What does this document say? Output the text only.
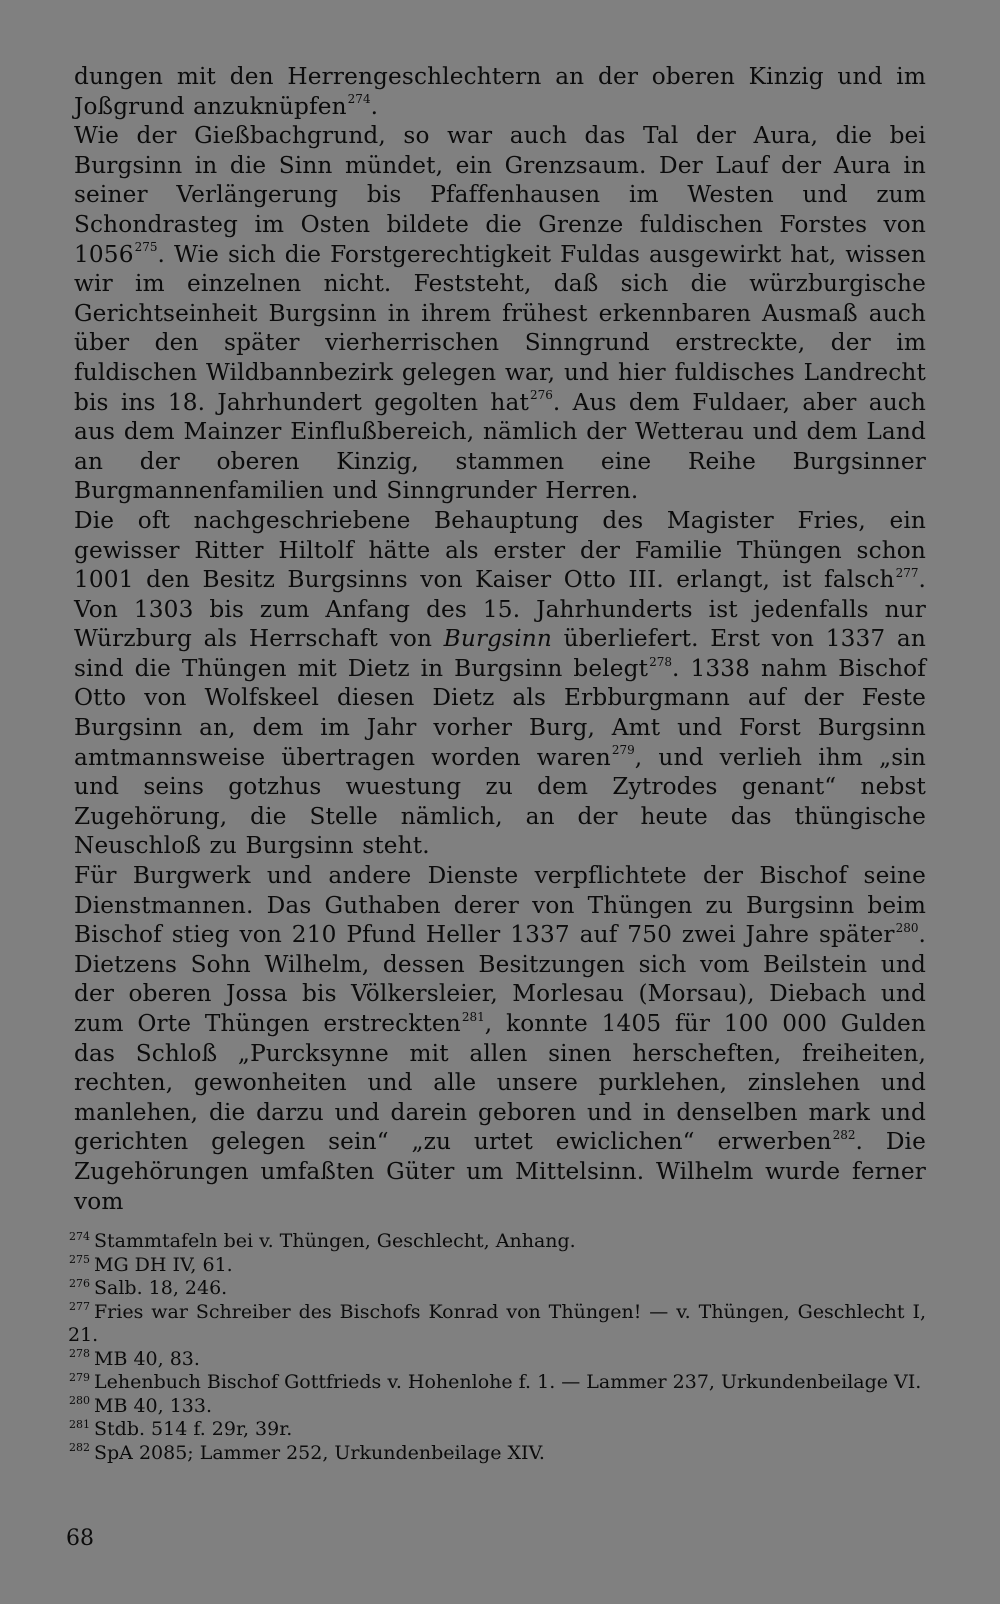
dungen mit den Herrengeschlechtern an der oberen Kinzig und im Joßgrund anzuknüpfen$^{274}$.

Wie der Gießbachgrund, so war auch das Tal der Aura, die bei Burgsinn in die Sinn mündet, ein Grenzsaum. Der Lauf der Aura in seiner Verlängerung bis Pfaffenhausen im Westen und zum Schondrasteg im Osten bildete die Grenze fuldischen Forstes von 1056$^{275}$. Wie sich die Forstgerechtigkeit Fuldas ausgewirkt hat, wissen wir im einzelnen nicht. Feststeht, daß sich die würzburgische Gerichtseinheit Burgsinn in ihrem frühest erkennbaren Ausmaß auch über den später vierherrischen Sinngrund erstreckte, der im fuldischen Wildbannbezirk gelegen war, und hier fuldisches Landrecht bis ins 18. Jahrhundert gegolten hat$^{276}$. Aus dem Fuldaer, aber auch aus dem Mainzer Einflußbereich, nämlich der Wetterau und dem Land an der oberen Kinzig, stammen eine Reihe Burgsinner Burgmannenfamilien und Sinngrunder Herren.

Die oft nachgeschriebene Behauptung des Magister Fries, ein gewisser Ritter Hiltolf hätte als erster der Familie Thüngen schon 1001 den Besitz Burgsinns von Kaiser Otto III. erlangt, ist falsch$^{277}$. Von 1303 bis zum Anfang des 15. Jahrhunderts ist jedenfalls nur Würzburg als Herrschaft von Burgsinn überliefert. Erst von 1337 an sind die Thüngen mit Dietz in Burgsinn belegt$^{278}$. 1338 nahm Bischof Otto von Wolfskeel diesen Dietz als Erbburgmann auf der Feste Burgsinn an, dem im Jahr vorher Burg, Amt und Forst Burgsinn amtmannsweise übertragen worden waren$^{279}$, und verlieh ihm „sin und seins gotzhus wuestung zu dem Zytrodes genant“ nebst Zugehörung, die Stelle nämlich, an der heute das thüngische Neuschloß zu Burgsinn steht.

Für Burgwerk und andere Dienste verpflichtete der Bischof seine Dienstmannen. Das Guthaben derer von Thüngen zu Burgsinn beim Bischof stieg von 210 Pfund Heller 1337 auf 750 zwei Jahre später$^{280}$. Dietzens Sohn Wilhelm, dessen Besitzungen sich vom Beilstein und der oberen Jossa bis Völkersleier, Morlesau (Morsau), Diebach und zum Orte Thüngen erstreckten$^{281}$, konnte 1405 für 100 000 Gulden das Schloß „Purcksynne mit allen sinen herscheften, freiheiten, rechten, gewonheiten und alle unsere purklehen, zinslehen und manlehen, die darzu und darein geboren und in denselben mark und gerichten gelegen sein“ „zu urtet ewiclichen“ erwerben$^{282}$. Die Zugehörungen umfaßten Güter um Mittelsinn. Wilhelm wurde ferner vom

$^{274}$ Stammtafeln bei v. Thüngen, Geschlecht, Anhang.

$^{275}$ MG DH IV, 61.

$^{276}$ Salb. 18, 246.

$^{277}$ Fries war Schreiber des Bischofs Konrad von Thüngen! — v. Thüngen, Geschlecht I, 21.

$^{278}$ MB 40, 83.

$^{279}$ Lehenbuch Bischof Gottfrieds v. Hohenlohe f. 1. — Lammer 237, Urkundenbeilage VI.

$^{280}$ MB 40, 133.

$^{281}$ Stdb. 514 f. 29r, 39r.

$^{282}$ SpA 2085; Lammer 252, Urkundenbeilage XIV.

68
